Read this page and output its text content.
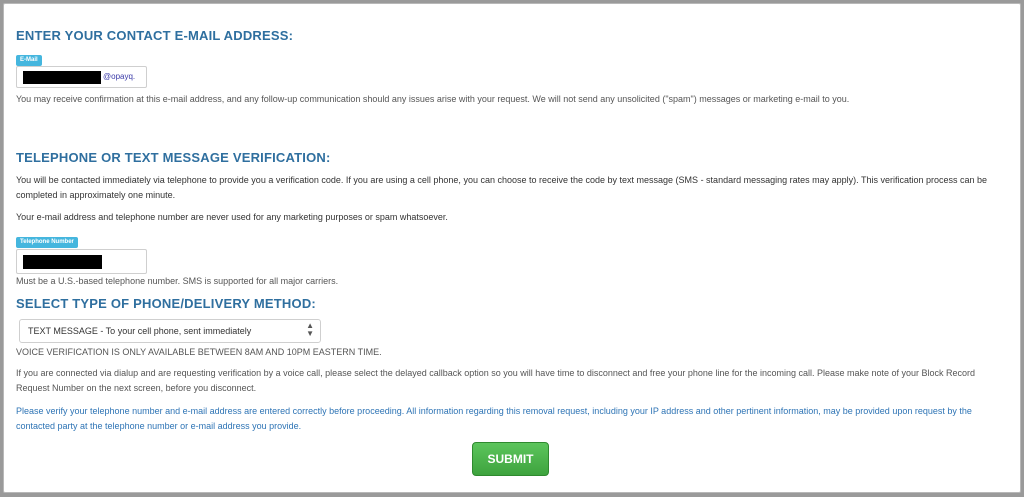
ENTER YOUR CONTACT E-MAIL ADDRESS:
E-Mail
@opayq.

You may receive confirmation at this e-mail address, and any follow-up communication should any issues arise with your request. We will not send any unsolicited ("spam") messages or marketing e-mail to you.

TELEPHONE OR TEXT MESSAGE VERIFICATION:

You will be contacted immediately via telephone to provide you a verification code. If you are using a cell phone, you can choose to receive the code by text message (SMS - standard messaging rates may apply). This verification process can be completed in approximately one minute.

Your e-mail address and telephone number are never used for any marketing purposes or spam whatsoever.

Telephone Number

Must be a U.S.-based telephone number. SMS is supported for all major carriers.

SELECT TYPE OF PHONE/DELIVERY METHOD:
TEXT MESSAGE - To your cell phone, sent immediately
▲
▼

VOICE VERIFICATION IS ONLY AVAILABLE BETWEEN 8AM AND 10PM EASTERN TIME.

If you are connected via dialup and are requesting verification by a voice call, please select the delayed callback option so you will have time to disconnect and free your phone line for the incoming call. Please make note of your Block Record Request Number on the next screen, before you disconnect.

Please verify your telephone number and e-mail address are entered correctly before proceeding. All information regarding this removal request, including your IP address and other pertinent information, may be provided upon request by the contacted party at the telephone number or e-mail address you provide.

SUBMIT
